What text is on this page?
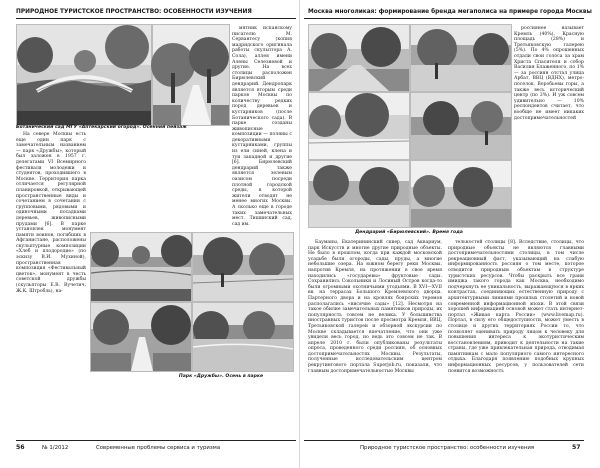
ПРИРОДНОЕ ТУРИСТСКОЕ ПРОСТРАНСТВО: ОСОБЕННОСТИ ИЗУЧЕНИЯ
Ботанический сад МГУ «Аптекарский огород». Осенний пейзаж
На севере Москвы есть еще один парк с замечательным названием — парк «Дружбы», который был заложен в 1957 г. делегатами VI Всемирного фестиваля молодежи и студентов, проходившего в Москве. Территория парка отличается регулярной планировкой, открывающей пространственные виды и сочетанием в сочетании с групповыми, рядовыми и одиночными посадками деревьев, живописными прудами [6]. В парке установлен монумент памяти воинов, погибших в Афганистане, расположены скульптурные композиции «Хлеб и плодородие» (по эскизу В.И. Мухиной), пространственная композиция «Фестивальный цветок», монумент в честь советской дружбы (скульпторы Е.В. Вучетич, Ж.К. Штробль), на-
мятник испанскому писателю М. Сервантесу (копия мадридского оригинала работы скульптора А. Сола), аллея имени Алены Селезневой и другие. На всех столицы расположен Бирюлевский дендрарий. Дендропарк является вторым среди парков Москвы по количеству редких пород деревьев и кустарников (после Ботанического сада). В парке созданы живописные композиции — поляны с декоративными кустарниками, группы из ели синей, клена и туи западной и другие [6]. Бирюлевский дендрарий также является зеленым оазисом посреди плотной городской среды, в которой жители отводят не менее многих Москвы. А сколько еще в городе таких замечательных мест. Тишинский сад, сад им.
Парк «Дружбы». Осень в парке
56	№ 1/2012	Современные проблемы сервиса и туризма
Москва многоликая: формирование бренда мегаполиса на примере города Москвы
Дендрарий «Бирюлевский». Время года
россиянее называет Кремль (40%), Красную площадь (28%) и Третьяковскую галерею (5%). По 4% опрошенных отдали свои голоса за храм Христа Спасителя и собор Василия Блаженного, по 1% — за россиян отстал улица Арбат, ВВЦ (ВДНХ), метро-поселок, Воробьевы горы, а также весь исторический центр (по 3%). И уж совсем удивительно — 10% респондентов считает, что вообще не имеет никаких достопримечательностей
Бауманы, Екатерининский сквер, сад Аквариум, парк Искусств и многие другие природные объекты. Не было в прошлом, когда при каждой московской усадьбе были огороды, сады, пруды, а многие небольшие озера. На южном берегу реки Москвы, напротив Кремля, на протяжении в свое время находились «государевы» фруктовые сады. Сохранились Сокольники и Лосиный Остров когда-то были огромными охотничьими угодьями. В XVI—XVII вв. на террасах Большого Кремлевского дворца. Партерного двора и на кровлях боярских теремов располагались «висячие сады» [12]. Несмотря на такое обилие замечательных памятников природы, их популярность совсем не велика. У большинства иностранных туристов после просмотра Кремля, ВВЦ, Третьяковской галереи и обзорной экскурсии по Москве складывается впечатление, что они уже увидели весь город, но ведь это совсем не так. В апреле 2010 г. были опубликованы результаты опроса, проведенного среди россиян, об основных достопримечательностях Москвы. Результаты, полученные исследовательским центром рекрутингового портала Superjob.ru, показали, что главным достопримечательностью Москвы
тельностей столицы [8]. Вследствие, столицы, что природные объекты не являются главными достопримечательностями столицы, в том числе рекреационный фаст, указывающий на слабую информированность россиян о том месте, которое отводится природным объектам в структуре туристских ресурсов. Чтобы раскрыть все грани имиджа такого города как Москва, необходимо подчеркнуть ее уникальность, выражающуюся в ярких контрастах, соединяющих естественную природу с архитектурными линиями прошлых столетий и новой современной информационной эпохи. В этой связи хорошей информацией основой может стать интернет-портал «Живая карта России» (www.livemap.ru). Портал, в силу его общедоступности, может уместь в столице и других территориях России то, что позволяет оценивать природу лицом к человеку для повышения интереса к экотуристическим восстановлениям, приводит к деятельности на такие страны, где уже привлекательная природа, отводимая памятникам с мало популярного самого интересного отдыха. Благодаря появлению подобных крупных информационных ресурсов, у пользователей сети появится возможность
Природное туристское пространство: особенности изучения	57
